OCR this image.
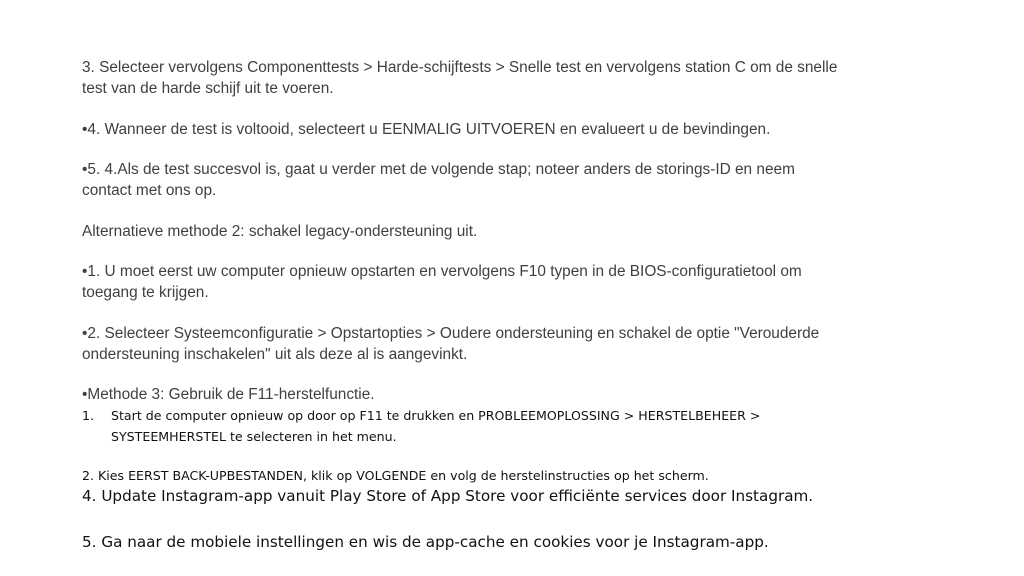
3. Selecteer vervolgens Componenttests > Harde-schijftests > Snelle test en vervolgens station C om de snelle test van de harde schijf uit te voeren.

•4. Wanneer de test is voltooid, selecteert u EENMALIG UITVOEREN en evalueert u de bevindingen.

•5. 4.Als de test succesvol is, gaat u verder met de volgende stap; noteer anders de storings-ID en neem contact met ons op.

Alternatieve methode 2: schakel legacy-ondersteuning uit.

•1. U moet eerst uw computer opnieuw opstarten en vervolgens F10 typen in de BIOS-configuratietool om toegang te krijgen.

•2. Selecteer Systeemconfiguratie > Opstartopties > Oudere ondersteuning en schakel de optie "Verouderde ondersteuning inschakelen" uit als deze al is aangevinkt.

•Methode 3: Gebruik de F11-herstelfunctie.

1. Start de computer opnieuw op door op F11 te drukken en PROBLEEMOPLOSSING > HERSTELBEHEER > SYSTEEMHERSTEL te selecteren in het menu.

2. Kies EERST BACK-UPBESTANDEN, klik op VOLGENDE en volg de herstelinstructies op het scherm.

4. Update Instagram-app vanuit Play Store of App Store voor efficiënte services door Instagram.

5. Ga naar de mobiele instellingen en wis de app-cache en cookies voor je Instagram-app.
